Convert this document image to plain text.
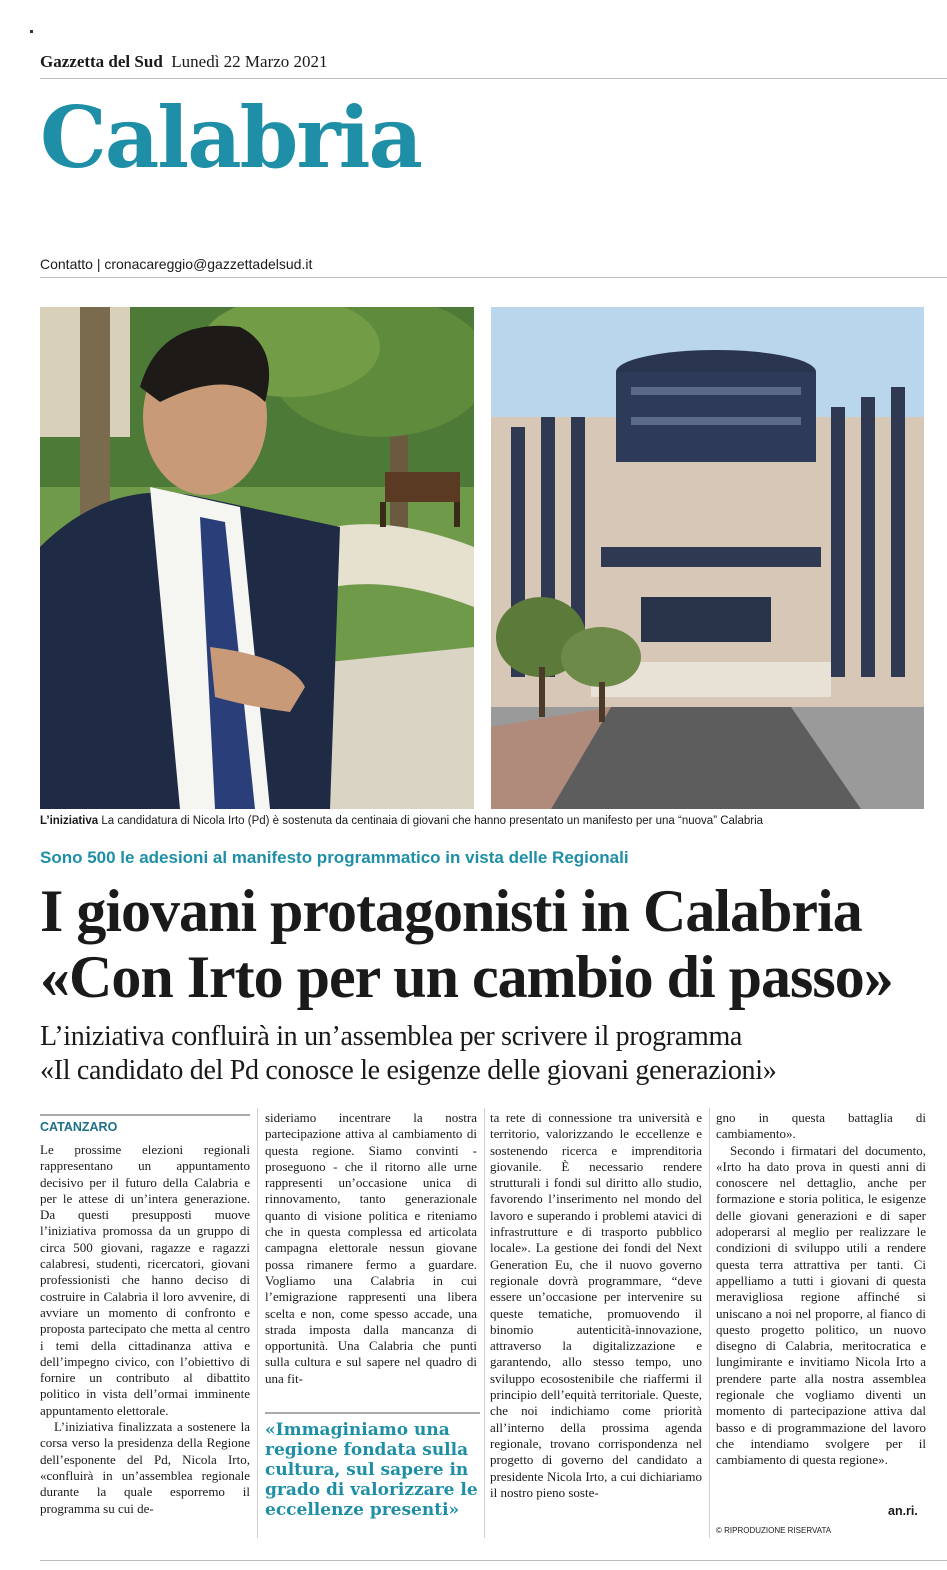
Gazzetta del Sud Lunedì 22 Marzo 2021
Calabria
Contatto | cronacareggio@gazzettadelsud.it
L’iniziativa La candidatura di Nicola Irto (Pd) è sostenuta da centinaia di giovani che hanno presentato un manifesto per una “nuova” Calabria
Sono 500 le adesioni al manifesto programmatico in vista delle Regionali
I giovani protagonisti in Calabria
«Con Irto per un cambio di passo»
L’iniziativa confluirà in un’assemblea per scrivere il programma
«Il candidato del Pd conosce le esigenze delle giovani generazioni»
CATANZARO

Le prossime elezioni regionali rappresentano un appuntamento decisivo per il futuro della Calabria e per le attese di un’intera generazione. Da questi presupposti muove l’iniziativa promossa da un gruppo di circa 500 giovani, ragazze e ragazzi calabresi, studenti, ricercatori, giovani professionisti che hanno deciso di costruire in Calabria il loro avvenire, di avviare un momento di confronto e proposta partecipato che metta al centro i temi della cittadinanza attiva e dell’impegno civico, con l’obiettivo di fornire un contributo al dibattito politico in vista dell’ormai imminente appuntamento elettorale.

L’iniziativa finalizzata a sostenere la corsa verso la presidenza della Regione dell’esponente del Pd, Nicola Irto, «confluirà in un’assemblea regionale durante la quale esporremo il programma su cui de-

sideriamo incentrare la nostra partecipazione attiva al cambiamento di questa regione. Siamo convinti - proseguono - che il ritorno alle urne rappresenti un’occasione unica di rinnovamento, tanto generazionale quanto di visione politica e riteniamo che in questa complessa ed articolata campagna elettorale nessun giovane possa rimanere fermo a guardare. Vogliamo una Calabria in cui l’emigrazione rappresenti una libera scelta e non, come spesso accade, una strada imposta dalla mancanza di opportunità. Una Calabria che punti sulla cultura e sul sapere nel quadro di una fit-

«Immaginiamo una regione fondata sulla cultura, sul sapere in grado di valorizzare le eccellenze presenti»

ta rete di connessione tra università e territorio, valorizzando le eccellenze e sostenendo ricerca e imprenditoria giovanile. È necessario rendere strutturali i fondi sul diritto allo studio, favorendo l’inserimento nel mondo del lavoro e superando i problemi atavici di infrastrutture e di trasporto pubblico locale». La gestione dei fondi del Next Generation Eu, che il nuovo governo regionale dovrà programmare, “deve essere un’occasione per intervenire su queste tematiche, promuovendo il binomio autenticità-innovazione, attraverso la digitalizzazione e garantendo, allo stesso tempo, uno sviluppo ecosostenibile che riaffermi il principio dell’equità territoriale. Queste, che noi indichiamo come priorità all’interno della prossima agenda regionale, trovano corrispondenza nel progetto di governo del candidato a presidente Nicola Irto, a cui dichiariamo il nostro pieno soste-

gno in questa battaglia di cambiamento».

Secondo i firmatari del documento, «Irto ha dato prova in questi anni di conoscere nel dettaglio, anche per formazione e storia politica, le esigenze delle giovani generazioni e di saper adoperarsi al meglio per realizzare le condizioni di sviluppo utili a rendere questa terra attrattiva per tanti. Ci appelliamo a tutti i giovani di questa meravigliosa regione affinché si uniscano a noi nel proporre, al fianco di questo progetto politico, un nuovo disegno di Calabria, meritocratica e lungimirante e invitiamo Nicola Irto a prendere parte alla nostra assemblea regionale che vogliamo diventi un momento di partecipazione attiva dal basso e di programmazione del lavoro che intendiamo svolgere per il cambiamento di questa regione».

an.ri.
© RIPRODUZIONE RISERVATA
